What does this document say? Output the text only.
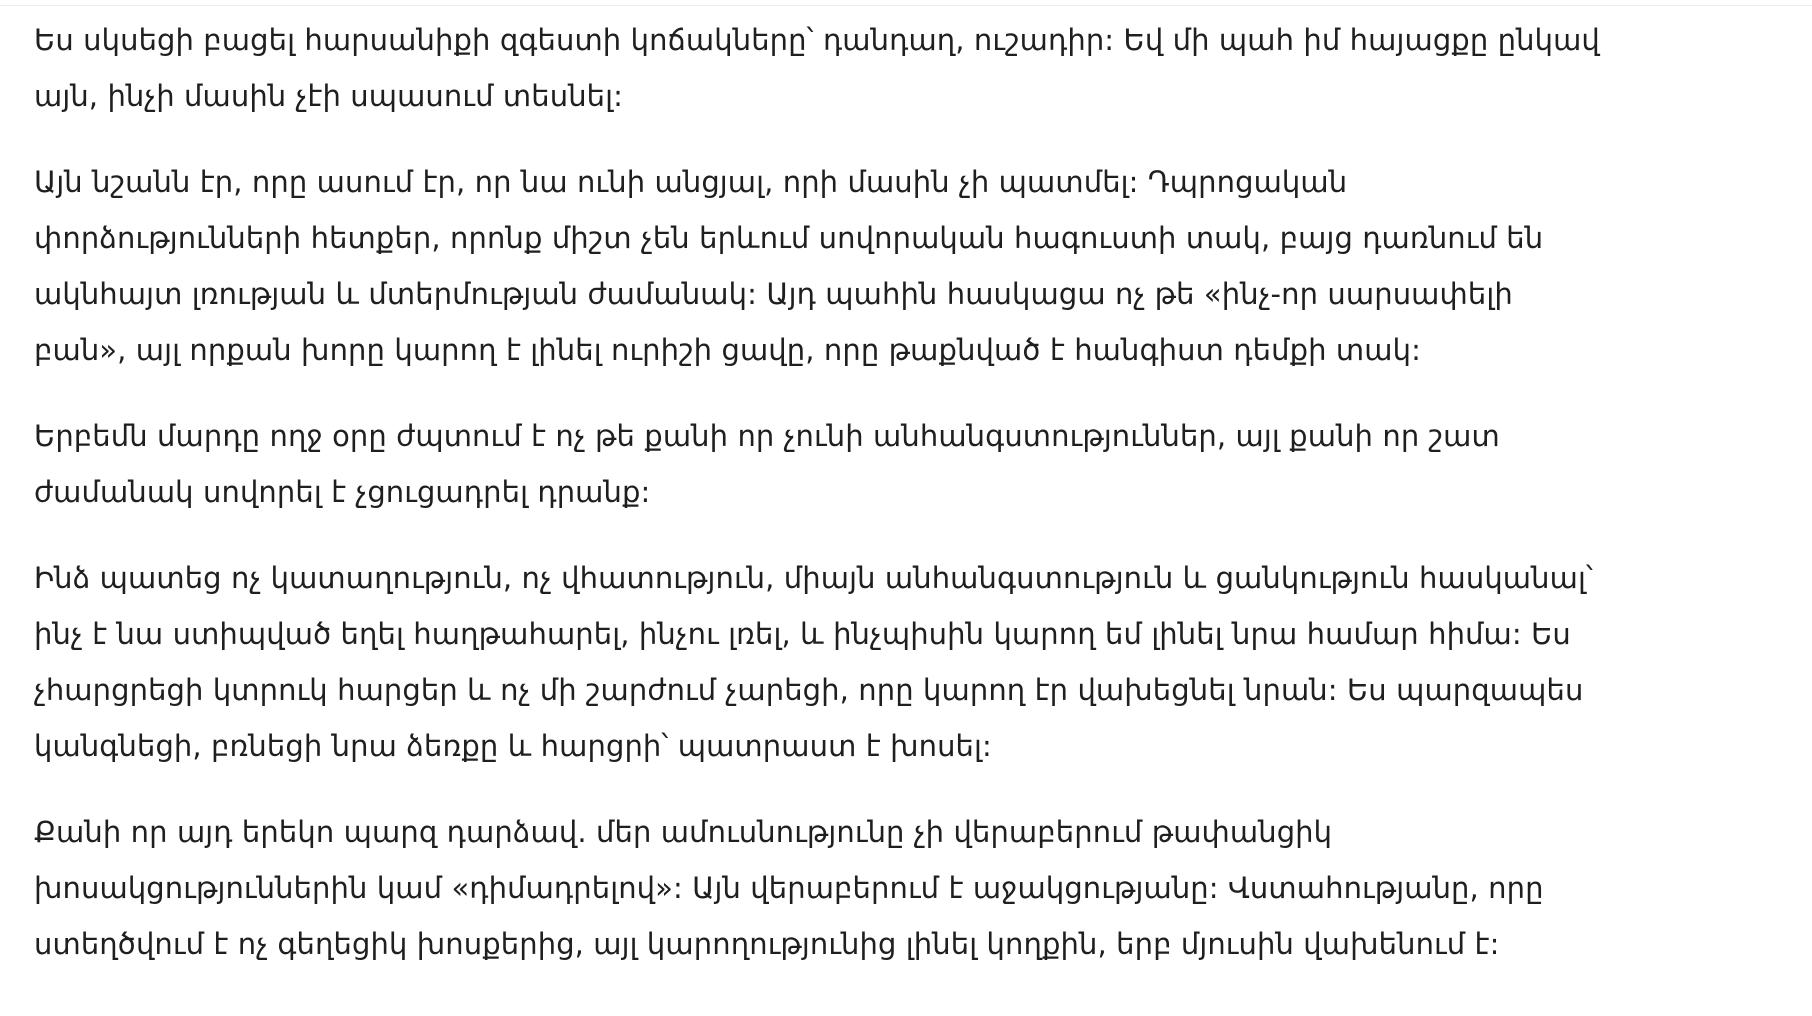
Ես սկսեցի բացել հարսանիքի զգեստի կոճակները՝ դանդաղ, ուշադիր: Եվ մի պահ իմ հայացքը ընկավ
այն, ինչի մասին չէի սպասում տեսնել:

Այն նշանն էր, որը ասում էր, որ նա ունի անցյալ, որի մասին չի պատմել: Դպրոցական
փորձությունների հետքեր, որոնք միշտ չեն երևում սովորական հագուստի տակ, բայց դառնում են
ակնհայտ լռության և մտերմության ժամանակ: Այդ պահին հասկացա ոչ թե «ինչ-որ սարսափելի
բան», այլ որքան խորը կարող է լինել ուրիշի ցավը, որը թաքնված է հանգիստ դեմքի տակ:

Երբեմն մարդը ողջ օրը ժպտում է ոչ թե քանի որ չունի անհանգստություններ, այլ քանի որ շատ
ժամանակ սովորել է չցուցադրել դրանք:

Ինձ պատեց ոչ կատաղություն, ոչ վհատություն, միայն անհանգստություն և ցանկություն հասկանալ՝
ինչ է նա ստիպված եղել հաղթահարել, ինչու լռել, և ինչպիսին կարող եմ լինել նրա համար հիմա: Ես
չհարցրեցի կտրուկ հարցեր և ոչ մի շարժում չարեցի, որը կարող էր վախեցնել նրան: Ես պարզապես
կանգնեցի, բռնեցի նրա ձեռքը և հարցրի՝ պատրաստ է խոսել:

Քանի որ այդ երեկո պարզ դարձավ. մեր ամուսնությունը չի վերաբերում թափանցիկ
խոսակցություններին կամ «դիմադրելով»: Այն վերաբերում է աջակցությանը: Վստահությանը, որը
ստեղծվում է ոչ գեղեցիկ խոսքերից, այլ կարողությունից լինել կողքին, երբ մյուսին վախենում է:
